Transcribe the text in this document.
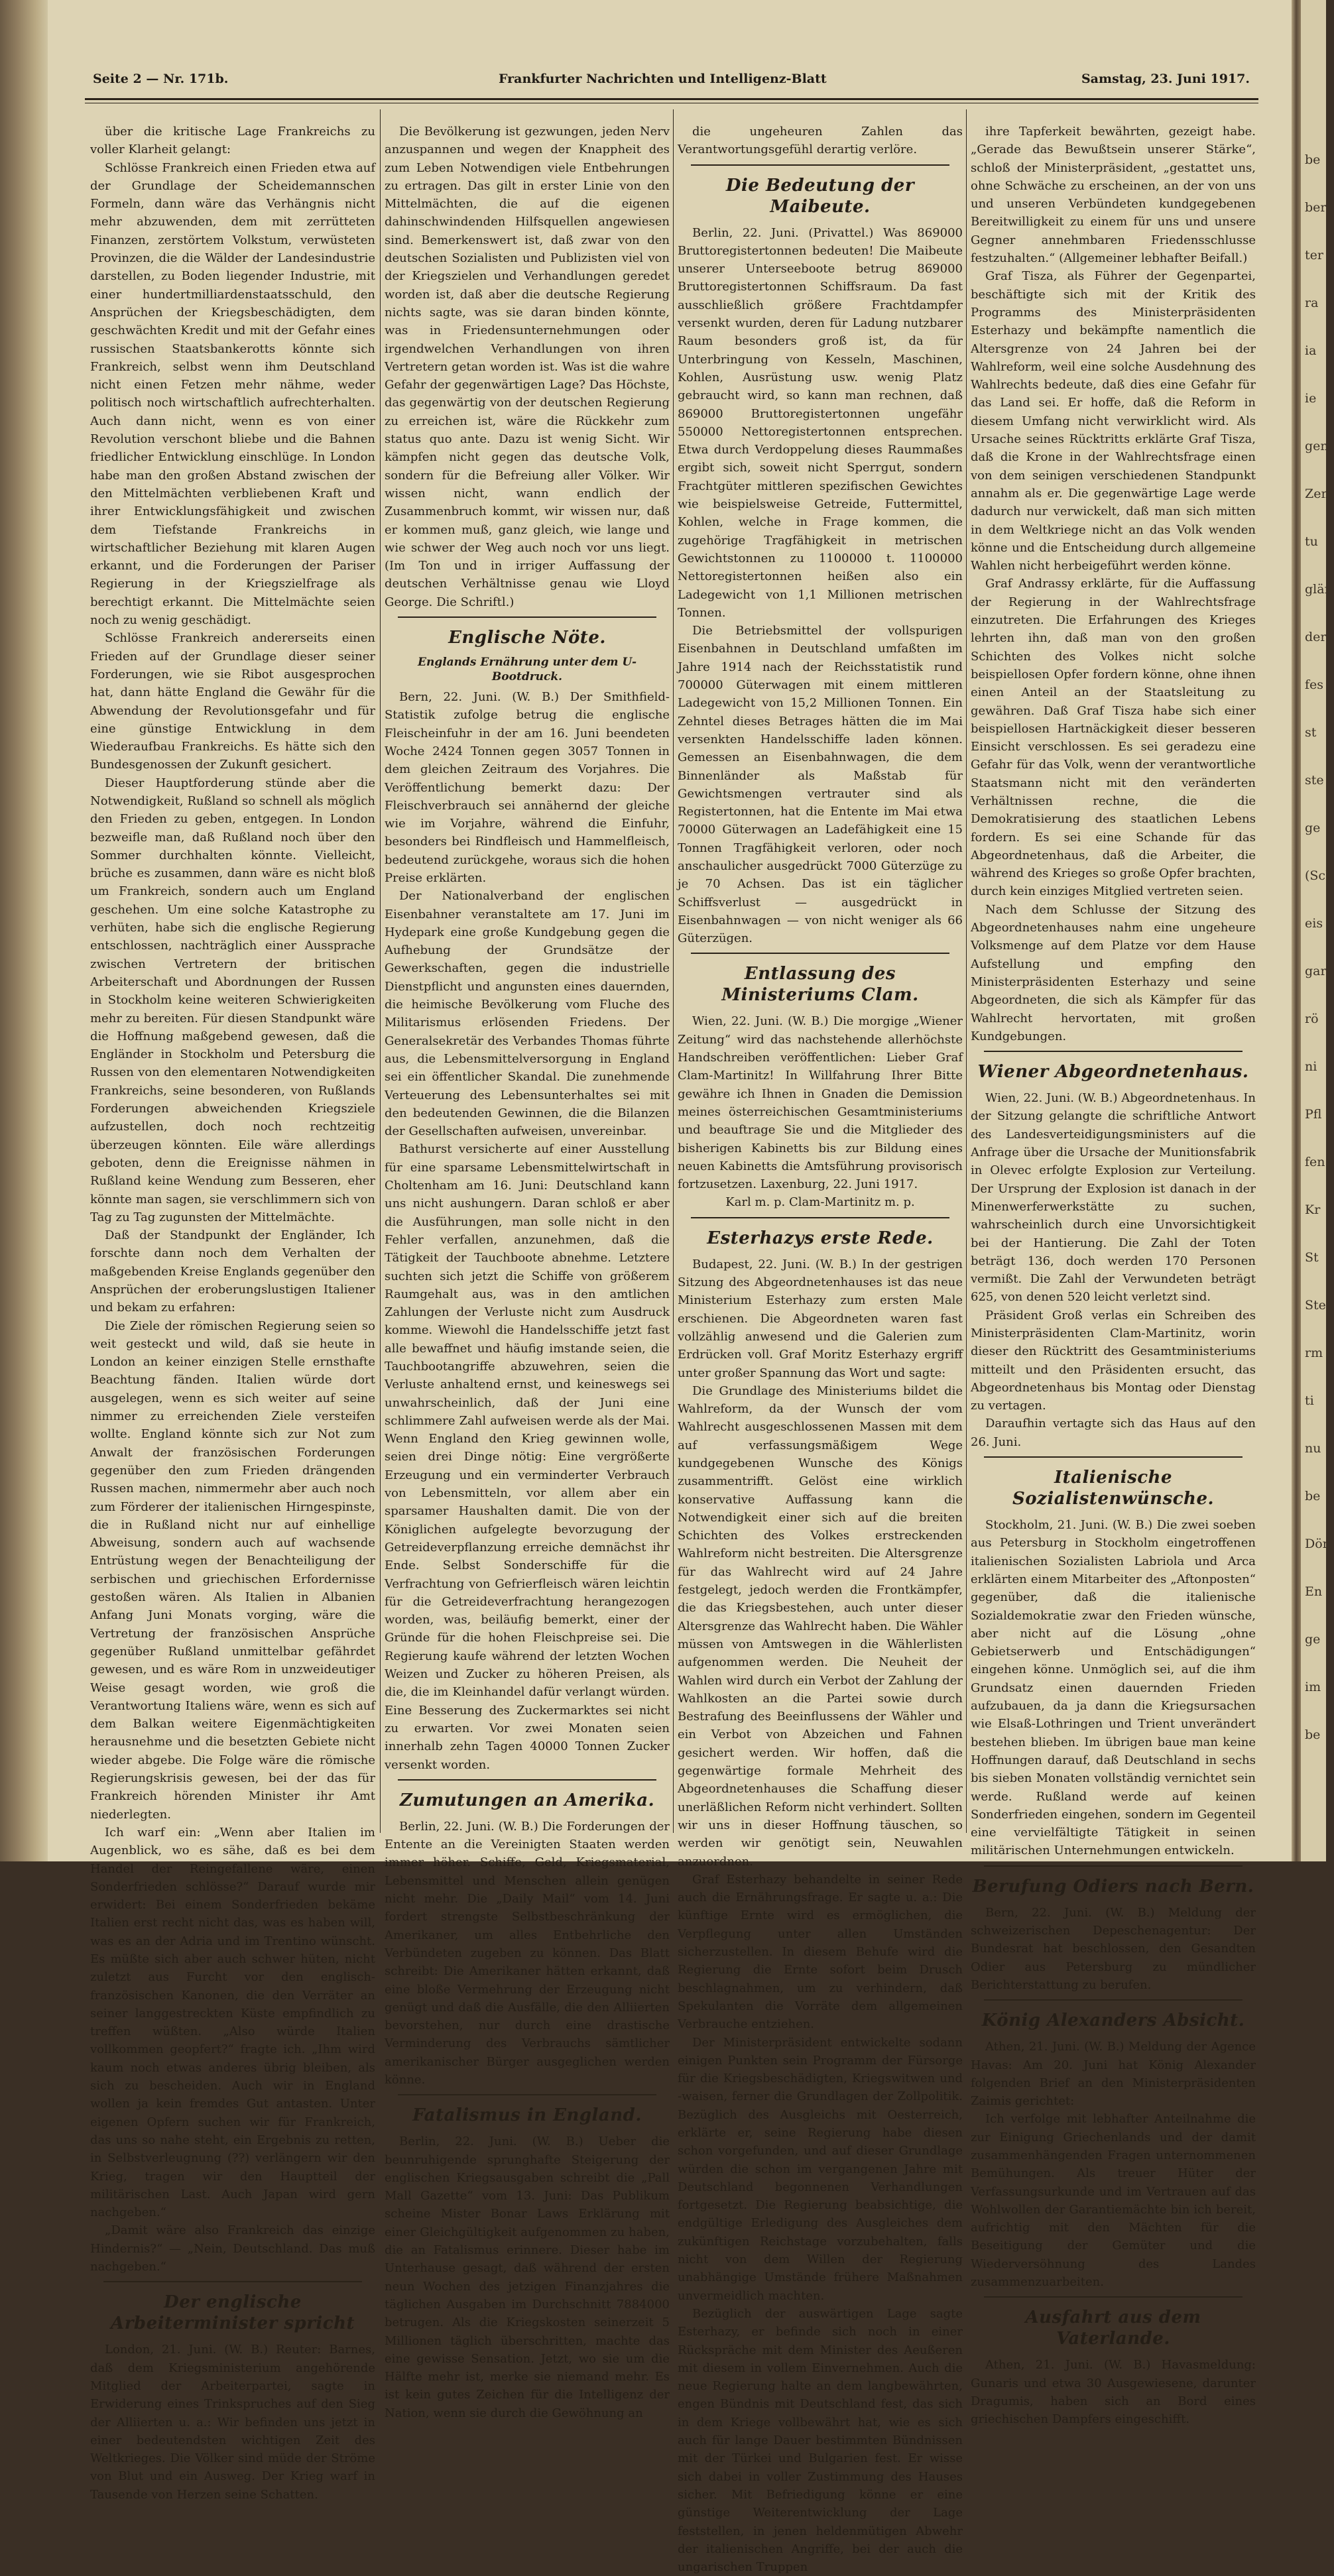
be
ber
ter
ra
ia
ie
gen
Zent
tu
glän
der
fes
st
ste
ge
(Sch
eis
gar
rö
ni
Pfl
fen
Kr
St
Ste
rm
ti
nu
be
Dör
En
ge
im
be
Seite 2 — Nr. 171b.	Frankfurter Nachrichten und Intelligenz-Blatt	Samstag, 23. Juni 1917.

über die kritische Lage Frankreichs zu voller Klarheit gelangt:

Schlösse Frankreich einen Frieden etwa auf der Grundlage der Scheidemannschen Formeln, dann wäre das Verhängnis nicht mehr abzuwenden, dem mit zerrütteten Finanzen, zerstörtem Volkstum, verwüsteten Provinzen, die die Wälder der Landesindustrie darstellen, zu Boden liegender Industrie, mit einer hundertmilliardenstaatsschuld, den Ansprüchen der Kriegsbeschädigten, dem geschwächten Kredit und mit der Gefahr eines russischen Staatsbankerotts könnte sich Frankreich, selbst wenn ihm Deutschland nicht einen Fetzen mehr nähme, weder politisch noch wirtschaftlich aufrechterhalten. Auch dann nicht, wenn es von einer Revolution verschont bliebe und die Bahnen friedlicher Entwicklung einschlüge. In London habe man den großen Abstand zwischen der den Mittelmächten verbliebenen Kraft und ihrer Entwicklungsfähigkeit und zwischen dem Tiefstande Frankreichs in wirtschaftlicher Beziehung mit klaren Augen erkannt, und die Forderungen der Pariser Regierung in der Kriegszielfrage als berechtigt erkannt. Die Mittelmächte seien noch zu wenig geschädigt.

Schlösse Frankreich andererseits einen Frieden auf der Grundlage dieser seiner Forderungen, wie sie Ribot ausgesprochen hat, dann hätte England die Gewähr für die Abwendung der Revolutionsgefahr und für eine günstige Entwicklung in dem Wiederaufbau Frankreichs. Es hätte sich den Bundesgenossen der Zukunft gesichert.

Dieser Hauptforderung stünde aber die Notwendigkeit, Rußland so schnell als möglich den Frieden zu geben, entgegen. In London bezweifle man, daß Rußland noch über den Sommer durchhalten könnte. Vielleicht, brüche es zusammen, dann wäre es nicht bloß um Frankreich, sondern auch um England geschehen. Um eine solche Katastrophe zu verhüten, habe sich die englische Regierung entschlossen, nachträglich einer Aussprache zwischen Vertretern der britischen Arbeiterschaft und Abordnungen der Russen in Stockholm keine weiteren Schwierigkeiten mehr zu bereiten. Für diesen Standpunkt wäre die Hoffnung maßgebend gewesen, daß die Engländer in Stockholm und Petersburg die Russen von den elementaren Notwendigkeiten Frankreichs, seine besonderen, von Rußlands Forderungen abweichenden Kriegsziele aufzustellen, doch noch rechtzeitig überzeugen könnten. Eile wäre allerdings geboten, denn die Ereignisse nähmen in Rußland keine Wendung zum Besseren, eher könnte man sagen, sie verschlimmern sich von Tag zu Tag zugunsten der Mittelmächte.

Daß der Standpunkt der Engländer, Ich forschte dann noch dem Verhalten der maßgebenden Kreise Englands gegenüber den Ansprüchen der eroberungslustigen Italiener und bekam zu erfahren:

Die Ziele der römischen Regierung seien so weit gesteckt und wild, daß sie heute in London an keiner einzigen Stelle ernsthafte Beachtung fänden. Italien würde dort ausgelegen, wenn es sich weiter auf seine nimmer zu erreichenden Ziele versteifen wollte. England könnte sich zur Not zum Anwalt der französischen Forderungen gegenüber den zum Frieden drängenden Russen machen, nimmermehr aber auch noch zum Förderer der italienischen Hirngespinste, die in Rußland nicht nur auf einhellige Abweisung, sondern auch auf wachsende Entrüstung wegen der Benachteiligung der serbischen und griechischen Erfordernisse gestoßen wären. Als Italien in Albanien Anfang Juni Monats vorging, wäre die Vertretung der französischen Ansprüche gegenüber Rußland unmittelbar gefährdet gewesen, und es wäre Rom in unzweideutiger Weise gesagt worden, wie groß die Verantwortung Italiens wäre, wenn es sich auf dem Balkan weitere Eigenmächtigkeiten herausnehme und die besetzten Gebiete nicht wieder abgebe. Die Folge wäre die römische Regierungskrisis gewesen, bei der das für Frankreich hörenden Minister ihr Amt niederlegten.

Ich warf ein: „Wenn aber Italien im Augenblick, wo es sähe, daß es bei dem Handel der Reingefallene wäre, einen Sonderfrieden schlösse?“ Darauf wurde mir erwidert: Bei einem Sonderfrieden bekäme Italien erst recht nicht das, was es haben will, was es an der Adria und im Trentino wünscht. Es müßte sich aber auch schwer hüten, nicht zuletzt aus Furcht vor den englisch-französischen Kanonen, die den Verräter an seiner langgestreckten Küste empfindlich zu treffen wüßten. „Also würde Italien vollkommen geopfert?“ fragte ich. „Ihm wird kaum noch etwas anderes übrig bleiben, als sich zu bescheiden. Auch wir in England wollen ja kein fremdes Gut antasten. Unter eigenen Opfern suchen wir für Frankreich, das uns so nahe steht, ein Ergebnis zu retten, in Selbstverleugnung (??) verlängern wir den Krieg, tragen wir den Hauptteil der militärischen Last. Auch Japan wird gern nachgeben.“

„Damit wäre also Frankreich das einzige Hindernis?“ — „Nein, Deutschland. Das muß nachgeben.“

Der englische Arbeiterminister spricht

London, 21. Juni. (W. B.) Reuter: Barnes, daß dem Kriegsministerium angehörende Mitglied der Arbeiterpartei, sagte in Erwiderung eines Trinkspruches auf den Sieg der Alliierten u. a.: Wir befinden uns jetzt in einer bedeutendsten wichtigen Zeit des Weltkrieges. Die Völker sind müde der Ströme von Blut und ein Ausweg. Der Krieg warf in Tausende von Herzen seine Schatten.

Die Bevölkerung ist gezwungen, jeden Nerv anzuspannen und wegen der Knappheit des zum Leben Notwendigen viele Entbehrungen zu ertragen. Das gilt in erster Linie von den Mittelmächten, die auf die eigenen dahinschwindenden Hilfsquellen angewiesen sind. Bemerkenswert ist, daß zwar von den deutschen Sozialisten und Publizisten viel von der Kriegszielen und Verhandlungen geredet worden ist, daß aber die deutsche Regierung nichts sagte, was sie daran binden könnte, was in Friedensunternehmungen oder irgendwelchen Verhandlungen von ihren Vertretern getan worden ist. Was ist die wahre Gefahr der gegenwärtigen Lage? Das Höchste, das gegenwärtig von der deutschen Regierung zu erreichen ist, wäre die Rückkehr zum status quo ante. Dazu ist wenig Sicht. Wir kämpfen nicht gegen das deutsche Volk, sondern für die Befreiung aller Völker. Wir wissen nicht, wann endlich der Zusammenbruch kommt, wir wissen nur, daß er kommen muß, ganz gleich, wie lange und wie schwer der Weg auch noch vor uns liegt. (Im Ton und in irriger Auffassung der deutschen Verhältnisse genau wie Lloyd George. Die Schriftl.)

Englische Nöte.
Englands Ernährung unter dem U-Bootdruck.

Bern, 22. Juni. (W. B.) Der Smithfield-Statistik zufolge betrug die englische Fleischeinfuhr in der am 16. Juni beendeten Woche 2424 Tonnen gegen 3057 Tonnen in dem gleichen Zeitraum des Vorjahres. Die Veröffentlichung bemerkt dazu: Der Fleischverbrauch sei annähernd der gleiche wie im Vorjahre, während die Einfuhr, besonders bei Rindfleisch und Hammelfleisch, bedeutend zurückgehe, woraus sich die hohen Preise erklärten.

Der Nationalverband der englischen Eisenbahner veranstaltete am 17. Juni im Hydepark eine große Kundgebung gegen die Aufhebung der Grundsätze der Gewerkschaften, gegen die industrielle Dienstpflicht und angunsten eines dauernden, die heimische Bevölkerung vom Fluche des Militarismus erlösenden Friedens. Der Generalsekretär des Verbandes Thomas führte aus, die Lebensmittelversorgung in England sei ein öffentlicher Skandal. Die zunehmende Verteuerung des Lebensunterhaltes sei mit den bedeutenden Gewinnen, die die Bilanzen der Gesellschaften aufweisen, unvereinbar.

Bathurst versicherte auf einer Ausstellung für eine sparsame Lebensmittelwirtschaft in Choltenham am 16. Juni: Deutschland kann uns nicht aushungern. Daran schloß er aber die Ausführungen, man solle nicht in den Fehler verfallen, anzunehmen, daß die Tätigkeit der Tauchboote abnehme. Letztere suchten sich jetzt die Schiffe von größerem Raumgehalt aus, was in den amtlichen Zahlungen der Verluste nicht zum Ausdruck komme. Wiewohl die Handelsschiffe jetzt fast alle bewaffnet und häufig imstande seien, die Tauchbootangriffe abzuwehren, seien die Verluste anhaltend ernst, und keineswegs sei unwahrscheinlich, daß der Juni eine schlimmere Zahl aufweisen werde als der Mai. Wenn England den Krieg gewinnen wolle, seien drei Dinge nötig: Eine vergrößerte Erzeugung und ein verminderter Verbrauch von Lebensmitteln, vor allem aber ein sparsamer Haushalten damit. Die von der Königlichen aufgelegte bevorzugung der Getreideverpflanzung erreiche demnächst ihr Ende. Selbst Sonderschiffe für die Verfrachtung von Gefrierfleisch wären leichtin für die Getreideverfrachtung herangezogen worden, was, beiläufig bemerkt, einer der Gründe für die hohen Fleischpreise sei. Die Regierung kaufe während der letzten Wochen Weizen und Zucker zu höheren Preisen, als die, die im Kleinhandel dafür verlangt würden. Eine Besserung des Zuckermarktes sei nicht zu erwarten. Vor zwei Monaten seien innerhalb zehn Tagen 40000 Tonnen Zucker versenkt worden.

Zumutungen an Amerika.

Berlin, 22. Juni. (W. B.) Die Forderungen der Entente an die Vereinigten Staaten werden immer höher. Schiffe, Geld, Kriegsmaterial, Lebensmittel und Menschen allein genügen nicht mehr. Die „Daily Mail“ vom 14. Juni fordert strengste Selbstbeschränkung der Amerikaner, um alles Entbehrliche den Verbündeten zugeben zu können. Das Blatt schreibt: Die Amerikaner hätten erkannt, daß eine bloße Vermehrung der Erzeugung nicht genügt und daß die Ausfälle, die den Alliierten bevorstehen, nur durch eine drastische Verminderung des Verbrauchs sämtlicher amerikanischer Bürger ausgeglichen werden könne.

Fatalismus in England.

Berlin, 22. Juni. (W. B.) Ueber die beunruhigende sprunghafte Steigerung der englischen Kriegsausgaben schreibt die „Pall Mall Gazette“ vom 13. Juni: Das Publikum scheine Mister Bonar Laws Erklärung mit einer Gleichgültigkeit aufgenommen zu haben, die an Fatalismus erinnere. Dieser habe im Unterhause gesagt, daß während der ersten neun Wochen des jetzigen Finanzjahres die täglichen Ausgaben im Durchschnitt 7884000 betrugen. Als die Kriegskosten seinerzeit 5 Millionen täglich überschritten, machte das eine gewisse Sensation. Jetzt, wo sie um die Hälfte mehr ist, merke sie niemand mehr. Es ist kein gutes Zeichen für die Intelligenz der Nation, wenn sie durch die Gewöhnung an

die ungeheuren Zahlen das Verantwortungsgefühl derartig verlöre.

Die Bedeutung der Maibeute.

Berlin, 22. Juni. (Privattel.) Was 869000 Bruttoregistertonnen bedeuten! Die Maibeute unserer Unterseeboote betrug 869000 Bruttoregistertonnen Schiffsraum. Da fast ausschließlich größere Frachtdampfer versenkt wurden, deren für Ladung nutzbarer Raum besonders groß ist, da für Unterbringung von Kesseln, Maschinen, Kohlen, Ausrüstung usw. wenig Platz gebraucht wird, so kann man rechnen, daß 869000 Bruttoregistertonnen ungefähr 550000 Nettoregistertonnen entsprechen. Etwa durch Verdoppelung dieses Raummaßes ergibt sich, soweit nicht Sperrgut, sondern Frachtgüter mittleren spezifischen Gewichtes wie beispielsweise Getreide, Futtermittel, Kohlen, welche in Frage kommen, die zugehörige Tragfähigkeit in metrischen Gewichtstonnen zu 1100000 t. 1100000 Nettoregistertonnen heißen also ein Ladegewicht von 1,1 Millionen metrischen Tonnen.

Die Betriebsmittel der vollspurigen Eisenbahnen in Deutschland umfaßten im Jahre 1914 nach der Reichsstatistik rund 700000 Güterwagen mit einem mittleren Ladegewicht von 15,2 Millionen Tonnen. Ein Zehntel dieses Betrages hätten die im Mai versenkten Handelsschiffe laden können. Gemessen an Eisenbahnwagen, die dem Binnenländer als Maßstab für Gewichtsmengen vertrauter sind als Registertonnen, hat die Entente im Mai etwa 70000 Güterwagen an Ladefähigkeit eine 15 Tonnen Tragfähigkeit verloren, oder noch anschaulicher ausgedrückt 7000 Güterzüge zu je 70 Achsen. Das ist ein täglicher Schiffsverlust — ausgedrückt in Eisenbahnwagen — von nicht weniger als 66 Güterzügen.

Entlassung des Ministeriums Clam.

Wien, 22. Juni. (W. B.) Die morgige „Wiener Zeitung“ wird das nachstehende allerhöchste Handschreiben veröffentlichen: Lieber Graf Clam-Martinitz! In Willfahrung Ihrer Bitte gewähre ich Ihnen in Gnaden die Demission meines österreichischen Gesamtministeriums und beauftrage Sie und die Mitglieder des bisherigen Kabinetts bis zur Bildung eines neuen Kabinetts die Amtsführung provisorisch fortzusetzen. Laxenburg, 22. Juni 1917.

Karl m. p. Clam-Martinitz m. p.

Esterhazys erste Rede.

Budapest, 22. Juni. (W. B.) In der gestrigen Sitzung des Abgeordnetenhauses ist das neue Ministerium Esterhazy zum ersten Male erschienen. Die Abgeordneten waren fast vollzählig anwesend und die Galerien zum Erdrücken voll. Graf Moritz Esterhazy ergriff unter großer Spannung das Wort und sagte:

Die Grundlage des Ministeriums bildet die Wahlreform, da der Wunsch der vom Wahlrecht ausgeschlossenen Massen mit dem auf verfassungsmäßigem Wege kundgegebenen Wunsche des Königs zusammentrifft. Gelöst eine wirklich konservative Auffassung kann die Notwendigkeit einer sich auf die breiten Schichten des Volkes erstreckenden Wahlreform nicht bestreiten. Die Altersgrenze für das Wahlrecht wird auf 24 Jahre festgelegt, jedoch werden die Frontkämpfer, die das Kriegsbestehen, auch unter dieser Altersgrenze das Wahlrecht haben. Die Wähler müssen von Amtswegen in die Wählerlisten aufgenommen werden. Die Neuheit der Wahlen wird durch ein Verbot der Zahlung der Wahlkosten an die Partei sowie durch Bestrafung des Beeinflussens der Wähler und ein Verbot von Abzeichen und Fahnen gesichert werden. Wir hoffen, daß die gegenwärtige formale Mehrheit des Abgeordnetenhauses die Schaffung dieser unerläßlichen Reform nicht verhindert. Sollten wir uns in dieser Hoffnung täuschen, so werden wir genötigt sein, Neuwahlen anzuordnen.

Graf Esterhazy behandelte in seiner Rede auch die Ernährungsfrage. Er sagte u. a.: Die künftige Ernte wird es ermöglichen, die Verpflegung unter allen Umständen sicherzustellen. In diesem Behufe wird die Regierung die Ernte sofort beim Drusch beschlagnahmen, um zu verhindern, daß Spekulanten die Vorräte dem allgemeinen Verbrauche entziehen.

Der Ministerpräsident entwickelte sodann einigen Punkten sein Programm der Fürsorge für die Kriegsbeschädigten, Kriegswitwen und -waisen, ferner die Grundlagen der Zollpolitik. Bezüglich des Ausgleichs mit Oesterreich, erklärte er, seine Regierung habe diesen schon vorgefunden, und auf dieser Grundlage würden die schon im vergangenen Jahre mit Deutschland begonnenen Verhandlungen fortgesetzt. Die Regierung beabsichtige, die endgültige Erledigung des Ausgleiches dem zukünftigen Reichstage vorzubehalten, falls nicht von dem Willen der Regierung unabhängige Umstände frühere Maßnahmen unvermeidlich machten.

Bezüglich der auswärtigen Lage sagte Esterhazy, er befinde sich noch in einer Rückspräche mit dem Minister des Aeußeren mit diesem in vollem Einvernehmen. Auch die neue Regierung halte an dem langbewährten, engen Bündnis mit Deutschland fest, das sich in dem Kriege vollbewährt hat, wie es sich auch für lange Dauer bestimmten Bündnissen mit der Türkei und Bulgarien fest. Er wisse sich dabei in voller Zustimmung des Hauses sicher. Mit Befriedigung könne er eine günstige Weiterentwicklung der Lage feststellen, in jenen heldenmütigen Abwehr der italienischen Angriffe, bei der auch die ungarischen Truppen

ihre Tapferkeit bewährten, gezeigt habe. „Gerade das Bewußtsein unserer Stärke“, schloß der Ministerpräsident, „gestattet uns, ohne Schwäche zu erscheinen, an der von uns und unseren Verbündeten kundgegebenen Bereitwilligkeit zu einem für uns und unsere Gegner annehmbaren Friedensschlusse festzuhalten.“ (Allgemeiner lebhafter Beifall.)

Graf Tisza, als Führer der Gegenpartei, beschäftigte sich mit der Kritik des Programms des Ministerpräsidenten Esterhazy und bekämpfte namentlich die Altersgrenze von 24 Jahren bei der Wahlreform, weil eine solche Ausdehnung des Wahlrechts bedeute, daß dies eine Gefahr für das Land sei. Er hoffe, daß die Reform in diesem Umfang nicht verwirklicht wird. Als Ursache seines Rücktritts erklärte Graf Tisza, daß die Krone in der Wahlrechtsfrage einen von dem seinigen verschiedenen Standpunkt annahm als er. Die gegenwärtige Lage werde dadurch nur verwickelt, daß man sich mitten in dem Weltkriege nicht an das Volk wenden könne und die Entscheidung durch allgemeine Wahlen nicht herbeigeführt werden könne.

Graf Andrassy erklärte, für die Auffassung der Regierung in der Wahlrechtsfrage einzutreten. Die Erfahrungen des Krieges lehrten ihn, daß man von den großen Schichten des Volkes nicht solche beispiellosen Opfer fordern könne, ohne ihnen einen Anteil an der Staatsleitung zu gewähren. Daß Graf Tisza habe sich einer beispiellosen Hartnäckigkeit dieser besseren Einsicht verschlossen. Es sei geradezu eine Gefahr für das Volk, wenn der verantwortliche Staatsmann nicht mit den veränderten Verhältnissen rechne, die die Demokratisierung des staatlichen Lebens fordern. Es sei eine Schande für das Abgeordnetenhaus, daß die Arbeiter, die während des Krieges so große Opfer brachten, durch kein einziges Mitglied vertreten seien.

Nach dem Schlusse der Sitzung des Abgeordnetenhauses nahm eine ungeheure Volksmenge auf dem Platze vor dem Hause Aufstellung und empfing den Ministerpräsidenten Esterhazy und seine Abgeordneten, die sich als Kämpfer für das Wahlrecht hervortaten, mit großen Kundgebungen.

Wiener Abgeordnetenhaus.

Wien, 22. Juni. (W. B.) Abgeordnetenhaus. In der Sitzung gelangte die schriftliche Antwort des Landesverteidigungsministers auf die Anfrage über die Ursache der Munitionsfabrik in Olevec erfolgte Explosion zur Verteilung. Der Ursprung der Explosion ist danach in der Minenwerferwerkstätte zu suchen, wahrscheinlich durch eine Unvorsichtigkeit bei der Hantierung. Die Zahl der Toten beträgt 136, doch werden 170 Personen vermißt. Die Zahl der Verwundeten beträgt 625, von denen 520 leicht verletzt sind.

Präsident Groß verlas ein Schreiben des Ministerpräsidenten Clam-Martinitz, worin dieser den Rücktritt des Gesamtministeriums mitteilt und den Präsidenten ersucht, das Abgeordnetenhaus bis Montag oder Dienstag zu vertagen.

Daraufhin vertagte sich das Haus auf den 26. Juni.

Italienische Sozialistenwünsche.

Stockholm, 21. Juni. (W. B.) Die zwei soeben aus Petersburg in Stockholm eingetroffenen italienischen Sozialisten Labriola und Arca erklärten einem Mitarbeiter des „Aftonposten“ gegenüber, daß die italienische Sozialdemokratie zwar den Frieden wünsche, aber nicht auf die Lösung „ohne Gebietserwerb und Entschädigungen“ eingehen könne. Unmöglich sei, auf die ihm Grundsatz einen dauernden Frieden aufzubauen, da ja dann die Kriegsursachen wie Elsaß-Lothringen und Trient unverändert bestehen blieben. Im übrigen baue man keine Hoffnungen darauf, daß Deutschland in sechs bis sieben Monaten vollständig vernichtet sein werde. Rußland werde auf keinen Sonderfrieden eingehen, sondern im Gegenteil eine vervielfältigte Tätigkeit in seinen militärischen Unternehmungen entwickeln.

Berufung Odiers nach Bern.

Bern, 22. Juni. (W. B.) Meldung der schweizerischen Depeschenagentur: Der Bundesrat hat beschlossen, den Gesandten Odier aus Petersburg zu mündlicher Berichterstattung zu berufen.

König Alexanders Absicht.

Athen, 21. Juni. (W. B.) Meldung der Agence Havas: Am 20. Juni hat König Alexander folgenden Brief an den Ministerpräsidenten Zaimis gerichtet:

Ich verfolge mit lebhafter Anteilnahme die zur Einigung Griechenlands und der damit zusammenhängenden Fragen unternommenen Bemühungen. Als treuer Hüter der Verfassungsurkunde und im Vertrauen auf das Wohlwollen der Garantiemächte bin ich bereit, aufrichtig mit den Mächten für die Beseitigung der Gemüter und die Wiederversöhnung des Landes zusammenzuarbeiten.

Ausfahrt aus dem Vaterlande.

Athen, 21. Juni. (W. B.) Havasmeldung: Gunaris und etwa 30 Ausgewiesene, darunter Dragumis, haben sich an Bord eines griechischen Dampfers eingeschifft.
